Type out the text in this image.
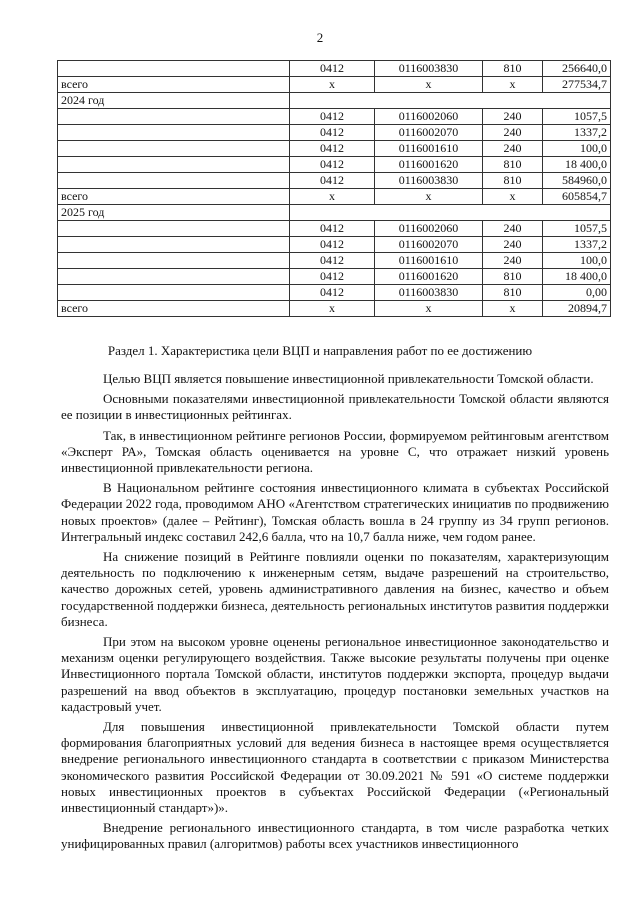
2
	0412	0116003830	810	256640,0
всего	х	х	х	277534,7
2024 год				
	0412	0116002060	240	1057,5
	0412	0116002070	240	1337,2
	0412	0116001610	240	100,0
	0412	0116001620	810	18 400,0
	0412	0116003830	810	584960,0
всего	х	х	х	605854,7
2025 год				
	0412	0116002060	240	1057,5
	0412	0116002070	240	1337,2
	0412	0116001610	240	100,0
	0412	0116001620	810	18 400,0
	0412	0116003830	810	0,00
всего	х	х	х	20894,7
Раздел 1. Характеристика цели ВЦП и направления работ по ее достижению

Целью ВЦП является повышение инвестиционной привлекательности Томской области.

Основными показателями инвестиционной привлекательности Томской области являются ее позиции в инвестиционных рейтингах.

Так, в инвестиционном рейтинге регионов России, формируемом рейтинговым агентством «Эксперт РА», Томская область оценивается на уровне С, что отражает низкий уровень инвестиционной привлекательности региона.

В Национальном рейтинге состояния инвестиционного климата в субъектах Российской Федерации 2022 года, проводимом АНО «Агентством стратегических инициатив по продвижению новых проектов» (далее – Рейтинг), Томская область вошла в 24 группу из 34 групп регионов. Интегральный индекс составил 242,6 балла, что на 10,7 балла ниже, чем годом ранее.

На снижение позиций в Рейтинге повлияли оценки по показателям, характеризующим деятельность по подключению к инженерным сетям, выдаче разрешений на строительство, качество дорожных сетей, уровень административного давления на бизнес, качество и объем государственной поддержки бизнеса, деятельность региональных институтов развития поддержки бизнеса.

При этом на высоком уровне оценены региональное инвестиционное законодательство и механизм оценки регулирующего воздействия. Также высокие результаты получены при оценке Инвестиционного портала Томской области, институтов поддержки экспорта, процедур выдачи разрешений на ввод объектов в эксплуатацию, процедур постановки земельных участков на кадастровый учет.

Для повышения инвестиционной привлекательности Томской области путем формирования благоприятных условий для ведения бизнеса в настоящее время осуществляется внедрение регионального инвестиционного стандарта в соответствии с приказом Министерства экономического развития Российской Федерации от 30.09.2021 № 591 «О системе поддержки новых инвестиционных проектов в субъектах Российской Федерации («Региональный инвестиционный стандарт»)».

Внедрение регионального инвестиционного стандарта, в том числе разработка четких унифицированных правил (алгоритмов) работы всех участников инвестиционного
